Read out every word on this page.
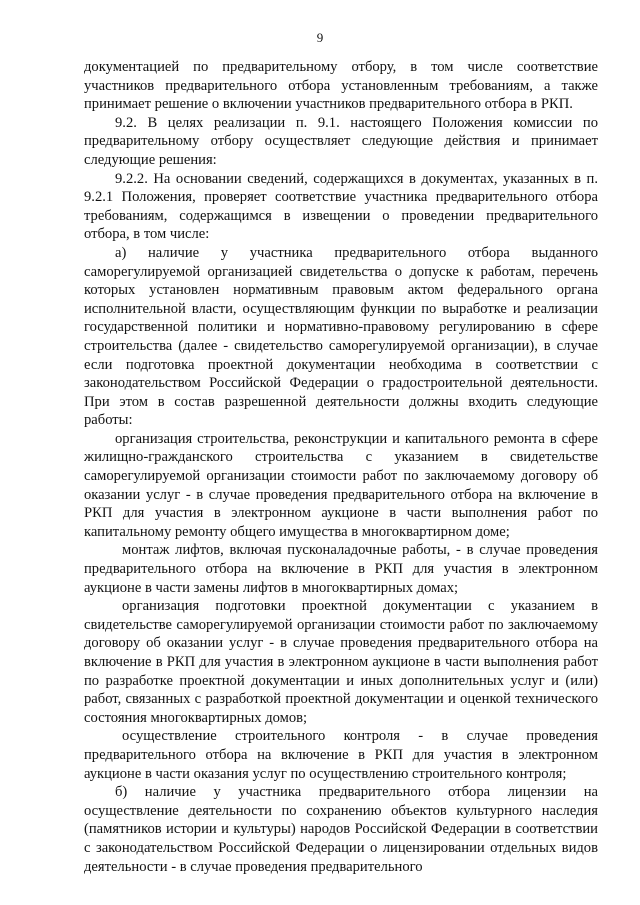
9

документацией по предварительному отбору, в том числе соответствие участников предварительного отбора установленным требованиям, а также принимает решение о включении участников предварительного отбора в РКП.

9.2. В целях реализации п. 9.1. настоящего Положения комиссии по предварительному отбору осуществляет следующие действия и принимает следующие решения:

9.2.2. На основании сведений, содержащихся в документах, указанных в п. 9.2.1 Положения, проверяет соответствие участника предварительного отбора требованиям, содержащимся в извещении о проведении предварительного отбора, в том числе:

а) наличие у участника предварительного отбора выданного саморегулируемой организацией свидетельства о допуске к работам, перечень которых установлен нормативным правовым актом федерального органа исполнительной власти, осуществляющим функции по выработке и реализации государственной политики и нормативно-правовому регулированию в сфере строительства (далее - свидетельство саморегулируемой организации), в случае если подготовка проектной документации необходима в соответствии с законодательством Российской Федерации о градостроительной деятельности. При этом в состав разрешенной деятельности должны входить следующие работы:

организация строительства, реконструкции и капитального ремонта в сфере жилищно-гражданского строительства с указанием в свидетельстве саморегулируемой организации стоимости работ по заключаемому договору об оказании услуг - в случае проведения предварительного отбора на включение в РКП для участия в электронном аукционе в части выполнения работ по капитальному ремонту общего имущества в многоквартирном доме;

монтаж лифтов, включая пусконаладочные работы, - в случае проведения предварительного отбора на включение в РКП для участия в электронном аукционе в части замены лифтов в многоквартирных домах;

организация подготовки проектной документации с указанием в свидетельстве саморегулируемой организации стоимости работ по заключаемому договору об оказании услуг - в случае проведения предварительного отбора на включение в РКП для участия в электронном аукционе в части выполнения работ по разработке проектной документации и иных дополнительных услуг и (или) работ, связанных с разработкой проектной документации и оценкой технического состояния многоквартирных домов;

осуществление строительного контроля - в случае проведения предварительного отбора на включение в РКП для участия в электронном аукционе в части оказания услуг по осуществлению строительного контроля;

б) наличие у участника предварительного отбора лицензии на осуществление деятельности по сохранению объектов культурного наследия (памятников истории и культуры) народов Российской Федерации в соответствии с законодательством Российской Федерации о лицензировании отдельных видов деятельности - в случае проведения предварительного
